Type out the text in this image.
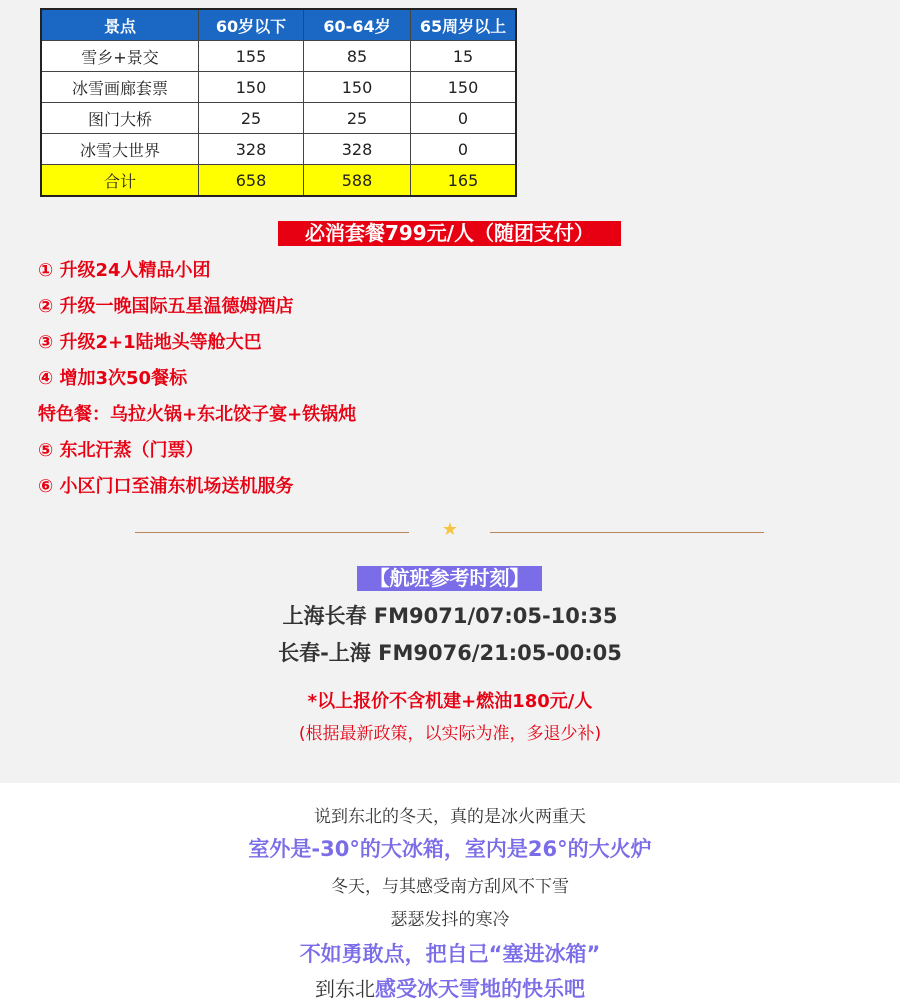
景点	60岁以下	60-64岁	65周岁以上
雪乡+景交	155	85	15
冰雪画廊套票	150	150	150
图门大桥	25	25	0
冰雪大世界	328	328	0
合计	658	588	165
必消套餐799元/人（随团支付）
① 升级24人精品小团
② 升级一晚国际五星温德姆酒店
③ 升级2+1陆地头等舱大巴
④ 增加3次50餐标
特色餐：乌拉火锅+东北饺子宴+铁锅炖
⑤ 东北汗蒸（门票）
⑥ 小区门口至浦东机场送机服务
★
【航班参考时刻】
上海长春 FM9071/07:05-10:35
长春-上海 FM9076/21:05-00:05
*以上报价不含机建+燃油180元/人
(根据最新政策，以实际为准，多退少补)
说到东北的冬天，真的是冰火两重天
室外是-30°的大冰箱，室内是26°的大火炉
冬天，与其感受南方刮风不下雪
瑟瑟发抖的寒冷
不如勇敢点，把自己“塞进冰箱”
到东北感受冰天雪地的快乐吧
